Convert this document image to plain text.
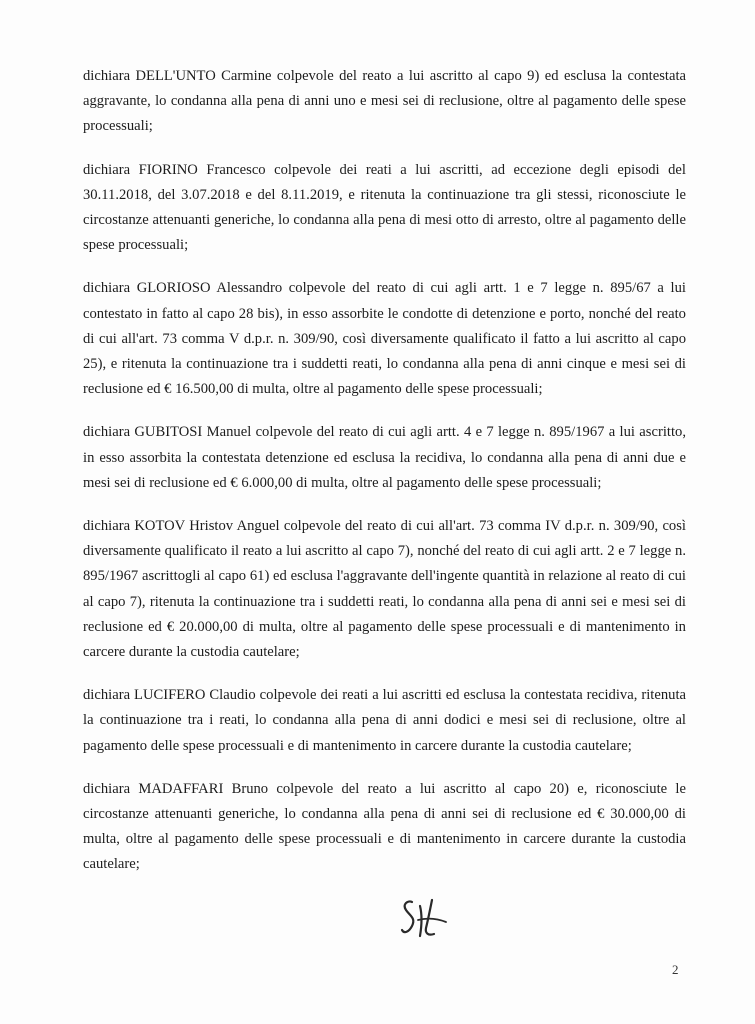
dichiara DELL'UNTO Carmine colpevole del reato a lui ascritto al capo 9) ed esclusa la contestata aggravante, lo condanna alla pena di anni uno e mesi sei di reclusione, oltre al pagamento delle spese processuali;

dichiara FIORINO Francesco colpevole dei reati a lui ascritti, ad eccezione degli episodi del 30.11.2018, del 3.07.2018 e del 8.11.2019, e ritenuta la continuazione tra gli stessi, riconosciute le circostanze attenuanti generiche, lo condanna alla pena di mesi otto di arresto, oltre al pagamento delle spese processuali;

dichiara GLORIOSO Alessandro colpevole del reato di cui agli artt. 1 e 7 legge n. 895/67 a lui contestato in fatto al capo 28 bis), in esso assorbite le condotte di detenzione e porto, nonché del reato di cui all'art. 73 comma V d.p.r. n. 309/90, così diversamente qualificato il fatto a lui ascritto al capo 25), e ritenuta la continuazione tra i suddetti reati, lo condanna alla pena di anni cinque e mesi sei di reclusione ed € 16.500,00 di multa, oltre al pagamento delle spese processuali;

dichiara GUBITOSI Manuel colpevole del reato di cui agli artt. 4 e 7 legge n. 895/1967 a lui ascritto, in esso assorbita la contestata detenzione ed esclusa la recidiva, lo condanna alla pena di anni due e mesi sei di reclusione ed € 6.000,00 di multa, oltre al pagamento delle spese processuali;

dichiara KOTOV Hristov Anguel colpevole del reato di cui all'art. 73 comma IV d.p.r. n. 309/90, così diversamente qualificato il reato a lui ascritto al capo 7), nonché del reato di cui agli artt. 2 e 7 legge n. 895/1967 ascrittogli al capo 61) ed esclusa l'aggravante dell'ingente quantità in relazione al reato di cui al capo 7), ritenuta la continuazione tra i suddetti reati, lo condanna alla pena di anni sei e mesi sei di reclusione ed € 20.000,00 di multa, oltre al pagamento delle spese processuali e di mantenimento in carcere durante la custodia cautelare;

dichiara LUCIFERO Claudio colpevole dei reati a lui ascritti ed esclusa la contestata recidiva, ritenuta la continuazione tra i reati, lo condanna alla pena di anni dodici e mesi sei di reclusione, oltre al pagamento delle spese processuali e di mantenimento in carcere durante la custodia cautelare;

dichiara MADAFFARI Bruno colpevole del reato a lui ascritto al capo 20) e, riconosciute le circostanze attenuanti generiche, lo condanna alla pena di anni sei di reclusione ed € 30.000,00 di multa, oltre al pagamento delle spese processuali e di mantenimento in carcere durante la custodia cautelare;

2
